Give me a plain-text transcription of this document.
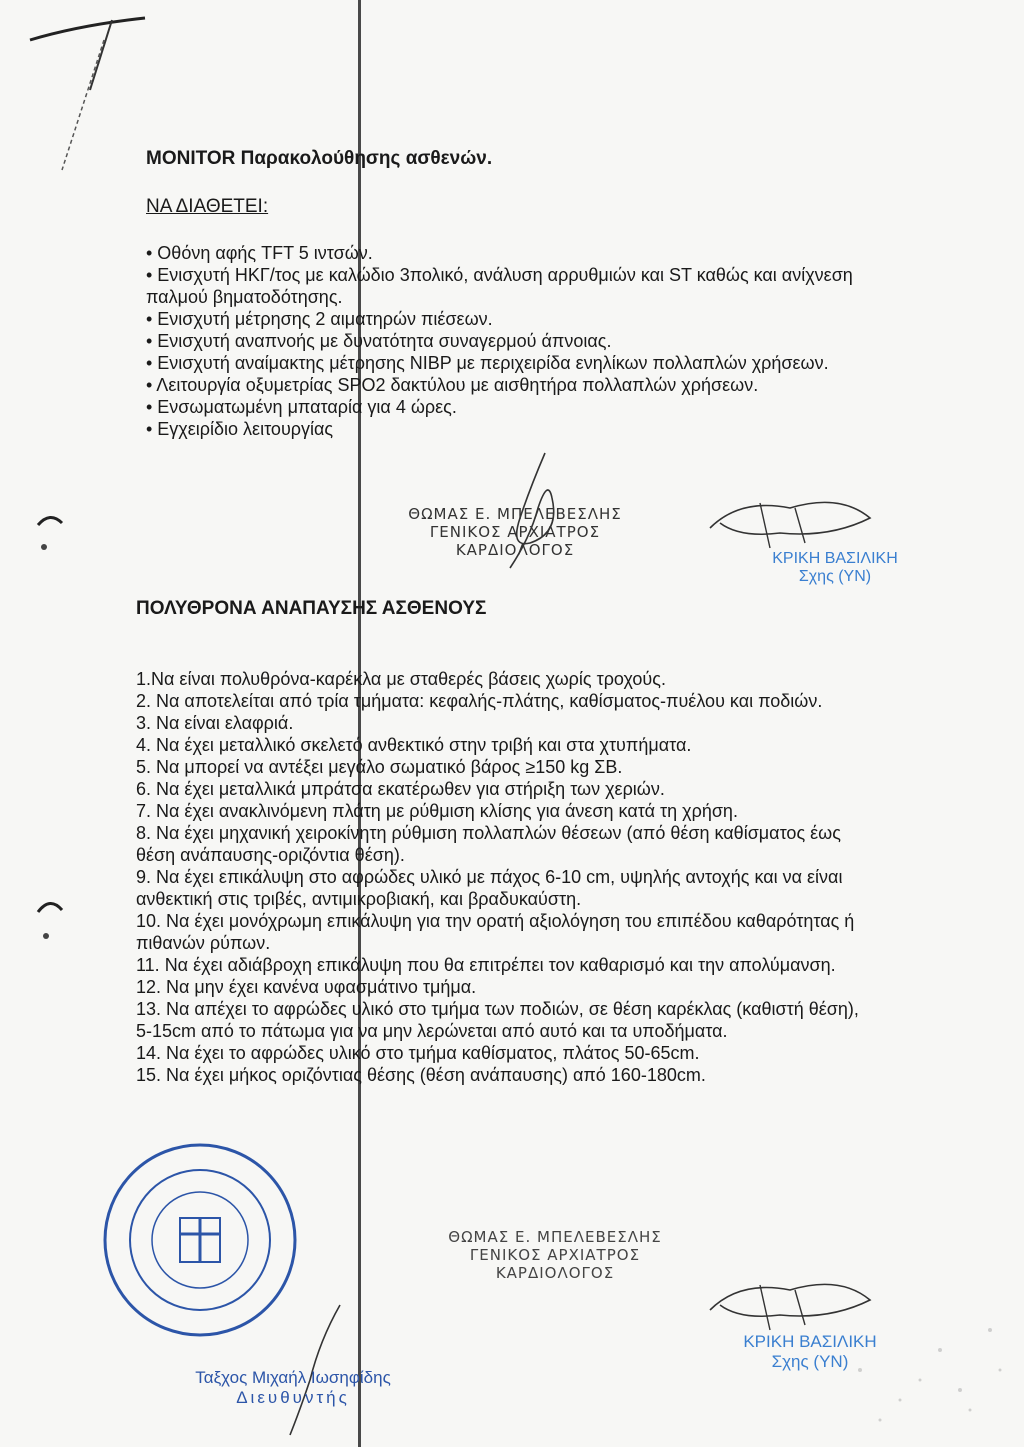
MONITOR Παρακολούθησης ασθενών.
ΝΑ ΔΙΑΘΕΤΕΙ:
• Οθόνη αφής TFT 5 ιντσών.
• Ενισχυτή ΗΚΓ/τος με καλώδιο 3πολικό, ανάλυση αρρυθμιών και ST καθώς και ανίχνεση παλμού βηματοδότησης.
• Ενισχυτή μέτρησης 2 αιματηρών πιέσεων.
• Ενισχυτή αναπνοής με δυνατότητα συναγερμού άπνοιας.
• Ενισχυτή αναίμακτης μέτρησης NIBP με περιχειρίδα ενηλίκων πολλαπλών χρήσεων.
• Λειτουργία οξυμετρίας SPO2 δακτύλου με αισθητήρα πολλαπλών χρήσεων.
• Ενσωματωμένη μπαταρία για 4 ώρες.
• Εγχειρίδιο λειτουργίας
ΘΩΜΑΣ Ε. ΜΠΕΛΕΒΕΣΛΗΣ
ΓΕΝΙΚΟΣ ΑΡΧΙΑΤΡΟΣ
ΚΑΡΔΙΟΛΟΓΟΣ	ΚΡΙΚΗ ΒΑΣΙΛΙΚΗ
Σχης (ΥΝ)
ΠΟΛΥΘΡΟΝΑ ΑΝΑΠΑΥΣΗΣ ΑΣΘΕΝΟΥΣ
1.Να είναι πολυθρόνα-καρέκλα με σταθερές βάσεις χωρίς τροχούς.
2. Να αποτελείται από τρία τμήματα: κεφαλής-πλάτης, καθίσματος-πυέλου και ποδιών.
3. Να είναι ελαφριά.
4. Να έχει μεταλλικό σκελετό ανθεκτικό στην τριβή και στα χτυπήματα.
5. Να μπορεί να αντέξει μεγάλο σωματικό βάρος ≥150 kg ΣΒ.
6. Να έχει μεταλλικά μπράτσα εκατέρωθεν για στήριξη των χεριών.
7. Να έχει ανακλινόμενη πλάτη με ρύθμιση κλίσης για άνεση κατά τη χρήση.
8. Να έχει μηχανική χειροκίνητη ρύθμιση πολλαπλών θέσεων (από θέση καθίσματος έως θέση ανάπαυσης-οριζόντια θέση).
9. Να έχει επικάλυψη στο αφρώδες υλικό με πάχος 6-10 cm, υψηλής αντοχής και να είναι ανθεκτική στις τριβές, αντιμικροβιακή, και βραδυκαύστη.
10. Να έχει μονόχρωμη επικάλυψη για την ορατή αξιολόγηση του επιπέδου καθαρότητας ή πιθανών ρύπων.
11. Να έχει αδιάβροχη επικάλυψη που θα επιτρέπει τον καθαρισμό και την απολύμανση.
12. Να μην έχει κανένα υφασμάτινο τμήμα.
13. Να απέχει το αφρώδες υλικό στο τμήμα των ποδιών, σε θέση καρέκλας (καθιστή θέση), 5-15cm από το πάτωμα για να μην λερώνεται από αυτό και τα υποδήματα.
14. Να έχει το αφρώδες υλικό στο τμήμα καθίσματος, πλάτος 50-65cm.
15. Να έχει μήκος οριζόντιας θέσης (θέση ανάπαυσης) από 160-180cm.
Ταξχος Μιχαήλ Ιωσηφίδης
Διευθυντής
ΘΩΜΑΣ Ε. ΜΠΕΛΕΒΕΣΛΗΣ
ΓΕΝΙΚΟΣ ΑΡΧΙΑΤΡΟΣ
ΚΑΡΔΙΟΛΟΓΟΣ
ΚΡΙΚΗ ΒΑΣΙΛΙΚΗ
Σχης (ΥΝ)
